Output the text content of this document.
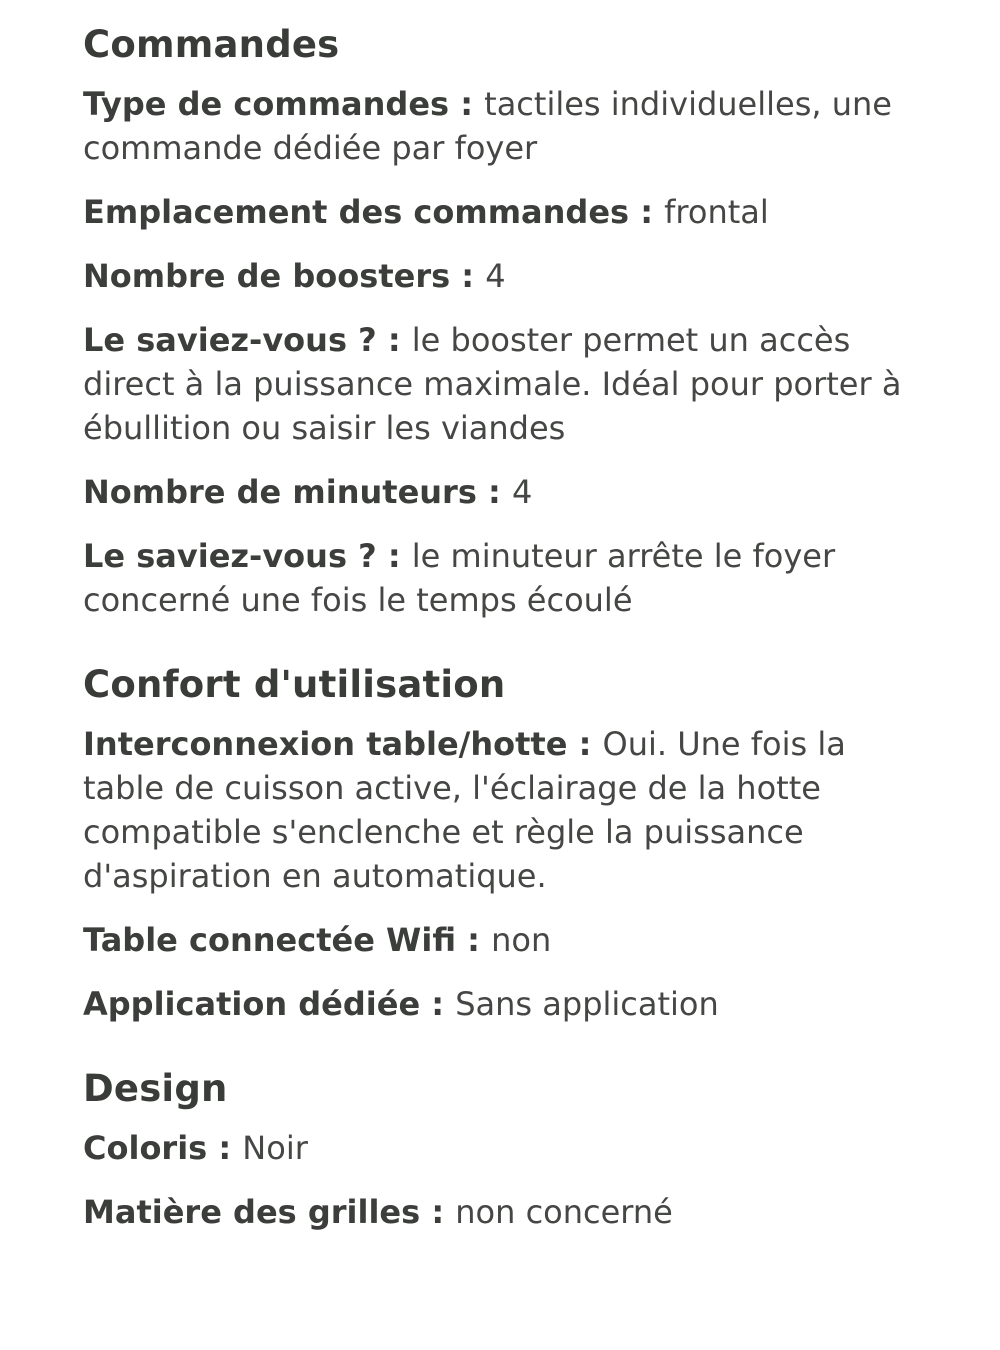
Commandes

Type de commandes : tactiles individuelles, une commande dédiée par foyer

Emplacement des commandes : frontal

Nombre de boosters : 4

Le saviez-vous ? : le booster permet un accès direct à la puissance maximale. Idéal pour porter à ébullition ou saisir les viandes

Nombre de minuteurs : 4

Le saviez-vous ? : le minuteur arrête le foyer concerné une fois le temps écoulé

Confort d'utilisation

Interconnexion table/hotte : Oui. Une fois la table de cuisson active, l'éclairage de la hotte compatible s'enclenche et règle la puissance d'aspiration en automatique.

Table connectée Wifi : non

Application dédiée : Sans application

Design

Coloris : Noir

Matière des grilles : non concerné
